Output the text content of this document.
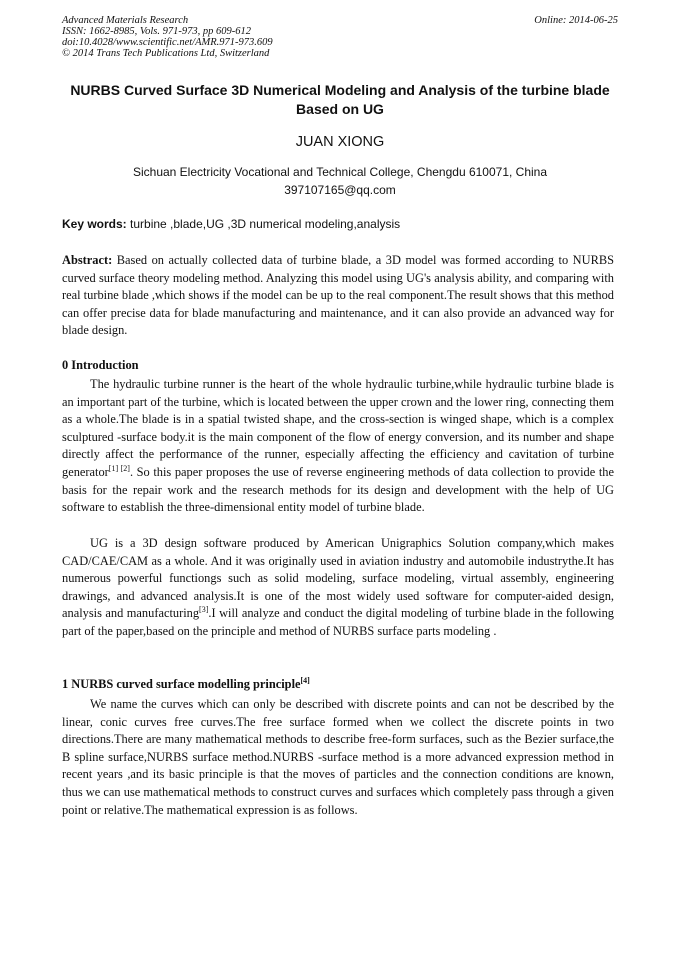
Advanced Materials Research
ISSN: 1662-8985, Vols. 971-973, pp 609-612
doi:10.4028/www.scientific.net/AMR.971-973.609
© 2014 Trans Tech Publications Ltd, Switzerland
Online: 2014-06-25
NURBS Curved Surface 3D Numerical Modeling and Analysis of the turbine blade Based on UG

JUAN XIONG

Sichuan Electricity Vocational and Technical College, Chengdu 610071, China
397107165@qq.com
Key words: turbine ,blade,UG ,3D numerical modeling,analysis

Abstract: Based on actually collected data of turbine blade, a 3D model was formed according to NURBS curved surface theory modeling method. Analyzing this model using UG's analysis ability, and comparing with real turbine blade ,which shows if the model can be up to the real component.The result shows that this method can offer precise data for blade manufacturing and maintenance, and it can also provide an advanced way for blade design.

0 Introduction

The hydraulic turbine runner is the heart of the whole hydraulic turbine,while hydraulic turbine blade is an important part of the turbine, which is located between the upper crown and the lower ring, connecting them as a whole.The blade is in a spatial twisted shape, and the cross-section is winged shape, which is a complex sculptured -surface body.it is the main component of the flow of energy conversion, and its number and shape directly affect the performance of the runner, especially affecting the efficiency and cavitation of turbine generator[1] [2]. So this paper proposes the use of reverse engineering methods of data collection to provide the basis for the repair work and the research methods for its design and development with the help of UG software to establish the three-dimensional entity model of turbine blade.

UG is a 3D design software produced by American Unigraphics Solution company,which makes CAD/CAE/CAM as a whole. And it was originally used in aviation industry and automobile industrythe.It has numerous powerful functiongs such as solid modeling, surface modeling, virtual assembly, engineering drawings, and advanced analysis.It is one of the most widely used software for computer-aided design, analysis and manufacturing[3].I will analyze and conduct the digital modeling of turbine blade in the following part of the paper,based on the principle and method of NURBS surface parts modeling .

1 NURBS curved surface modelling principle[4]

We name the curves which can only be described with discrete points and can not be described by the linear, conic curves free curves.The free surface formed when we collect the discrete points in two directions.There are many mathematical methods to describe free-form surfaces, such as the Bezier surface,the B spline surface,NURBS surface method.NURBS -surface method is a more advanced expression method in recent years ,and its basic principle is that the moves of particles and the connection conditions are known, thus we can use mathematical methods to construct curves and surfaces which completely pass through a given point or relative.The mathematical expression is as follows.
